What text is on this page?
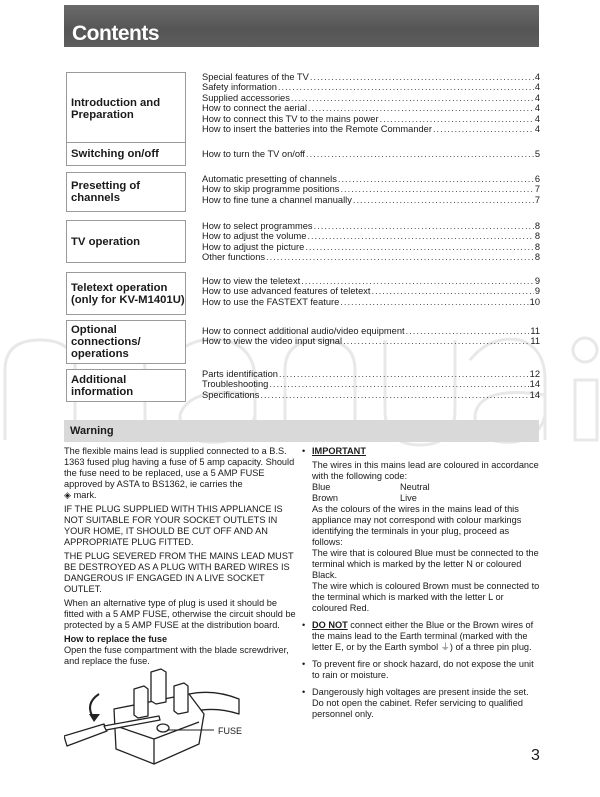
Contents
Introduction and Preparation
Special features of the TV .....	4
Safety information .....	4
Supplied accessories .....	4
How to connect the aerial .....	4
How to connect this TV to the mains power .....	4
How to insert the batteries into the Remote Commander .....	4
Switching on/off	How to turn the TV on/off .....	5
Presetting of channels
Automatic presetting of channels .....	6
How to skip programme positions .....	7
How to fine tune a channel manually .....	7
TV operation
How to select programmes .....	8
How to adjust the volume .....	8
How to adjust the picture .....	8
Other functions .....	8
Teletext operation (only for KV-M1401U)
How to view the teletext .....	9
How to use advanced features of teletext .....	9
How to use the FASTEXT feature .....	10
Optional connections/ operations
How to connect additional audio/video equipment .....	11
How to view the video input signal .....	11
Additional information
Parts identification .....	12
Troubleshooting .....	14
Specifications .....	14
Warning

The flexible mains lead is supplied connected to a B.S. 1363 fused plug having a fuse of 5 amp capacity. Should the fuse need to be replaced, use a 5 AMP FUSE approved by ASTA to BS1362, ie carries the
◈ mark.

IF THE PLUG SUPPLIED WITH THIS APPLIANCE IS NOT SUITABLE FOR YOUR SOCKET OUTLETS IN YOUR HOME, IT SHOULD BE CUT OFF AND AN APPROPRIATE PLUG FITTED.

THE PLUG SEVERED FROM THE MAINS LEAD MUST BE DESTROYED AS A PLUG WITH BARED WIRES IS DANGEROUS IF ENGAGED IN A LIVE SOCKET OUTLET.

When an alternative type of plug is used it should be fitted with a 5 AMP FUSE, otherwise the circuit should be protected by a 5 AMP FUSE at the distribution board.

How to replace the fuse

Open the fuse compartment with the blade screwdriver, and replace the fuse.

FUSE
• IMPORTANT

The wires in this mains lead are coloured in accordance with the following code:

Blue	Neutral
Brown	Live

As the colours of the wires in the mains lead of this appliance may not correspond with colour markings identifying the terminals in your plug, proceed as follows:

The wire that is coloured Blue must be connected to the terminal which is marked by the letter N or coloured Black.

The wire which is coloured Brown must be connected to the terminal which is marked with the letter L or coloured Red.

• DO NOT connect either the Blue or the Brown wires of the mains lead to the Earth terminal (marked with the letter E, or by the Earth symbol ⏚) of a three pin plug.
• To prevent fire or shock hazard, do not expose the unit to rain or moisture.
• Dangerously high voltages are present inside the set. Do not open the cabinet. Refer servicing to qualified personnel only.
3
